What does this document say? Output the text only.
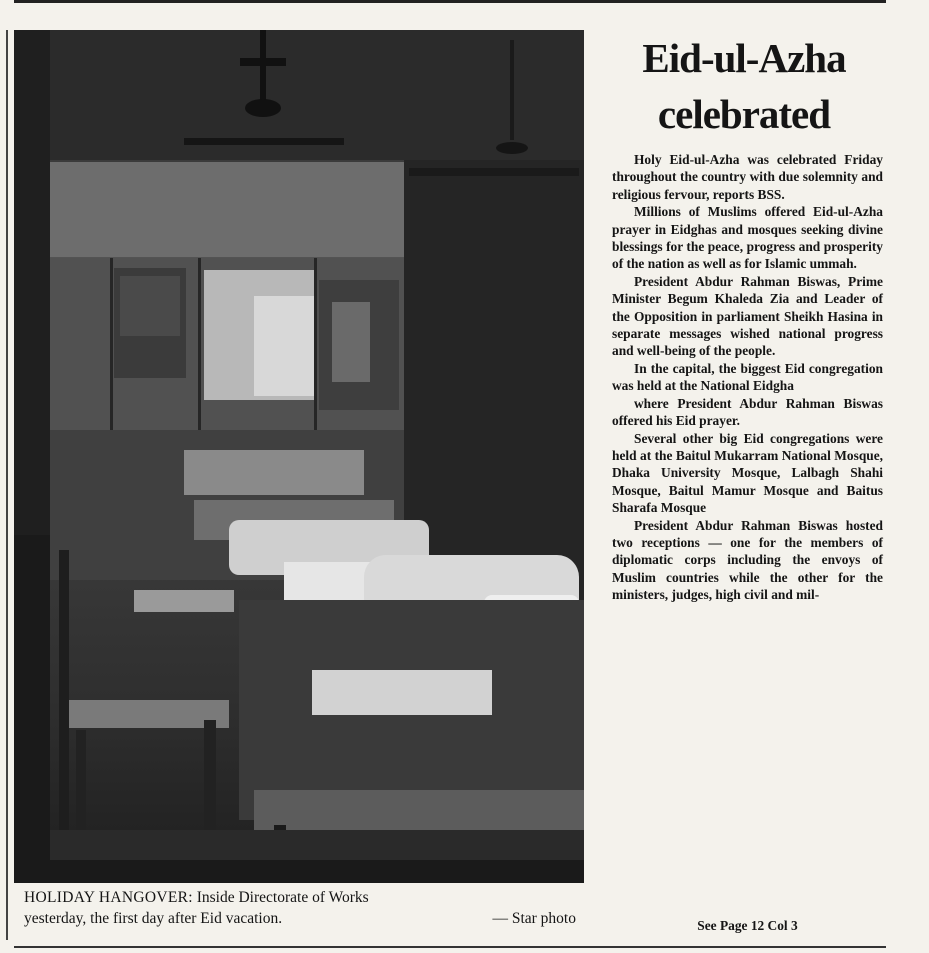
HOLIDAY HANGOVER: Inside Directorate of Works
yesterday, the first day after Eid vacation.	— Star photo
Eid-ul-Azha
celebrated

Holy Eid-ul-Azha was celebrated Friday throughout the country with due solemnity and religious fervour, reports BSS.

Millions of Muslims offered Eid-ul-Azha prayer in Eidghas and mosques seeking divine blessings for the peace, progress and prosperity of the nation as well as for Islamic ummah.

President Abdur Rahman Biswas, Prime Minister Begum Khaleda Zia and Leader of the Opposition in parliament Sheikh Hasina in separate messages wished national progress and well-being of the people.

In the capital, the biggest Eid congregation was held at the National Eidgha

where President Abdur Rahman Biswas offered his Eid prayer.

Several other big Eid congregations were held at the Baitul Mukarram National Mosque, Dhaka University Mosque, Lalbagh Shahi Mosque, Baitul Mamur Mosque and Baitus Sharafa Mosque

President Abdur Rahman Biswas hosted two receptions — one for the members of diplomatic corps including the envoys of Muslim countries while the other for the ministers, judges, high civil and mil-

See Page 12 Col 3
